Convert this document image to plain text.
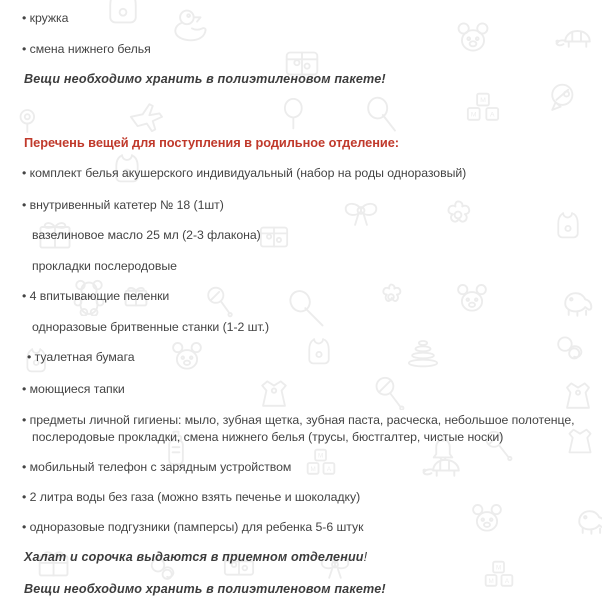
M
M A
M
M A
M
M A
• кружка
• смена нижнего белья
Вещи необходимо хранить в полиэтиленовом пакете!
Перечень вещей для поступления в родильное отделение:
• комплект белья акушерского индивидуальный (набор на роды одноразовый)
• внутривенный катетер № 18 (1шт)
вазелиновое масло 25 мл (2-3 флакона)
прокладки послеродовые
• 4 впитывающие пеленки
одноразовые бритвенные станки (1-2 шт.)
• туалетная бумага
• моющиеся тапки
• предметы личной гигиены: мыло, зубная щетка, зубная паста, расческа, небольшое полотенце, послеродовые прокладки, смена нижнего белья (трусы, бюстгалтер, чистые носки)
• мобильный телефон с зарядным устройством
• 2 литра воды без газа (можно взять печенье и шоколадку)
• одноразовые подгузники (памперсы) для ребенка 5-6 штук
Халат и сорочка выдаются в приемном отделении!
Вещи необходимо хранить в полиэтиленовом пакете!
